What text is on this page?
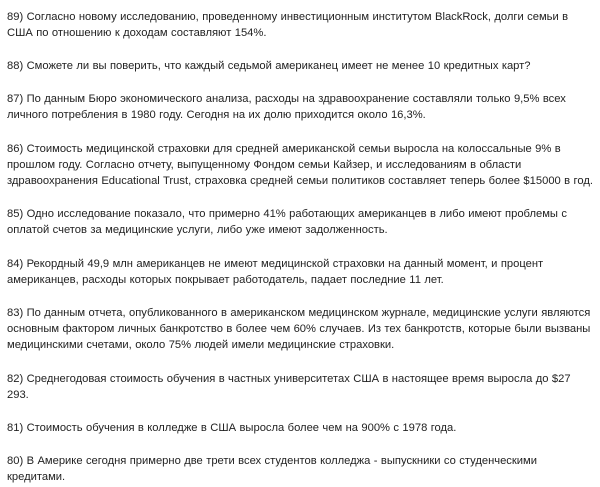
89) Согласно новому исследованию, проведенному инвестиционным институтом BlackRock, долги семьи в США по отношению к доходам составляют 154%.

88) Сможете ли вы поверить, что каждый седьмой американец имеет не менее 10 кредитных карт?

87) По данным Бюро экономического анализа, расходы на здравоохранение составляли только 9,5% всех личного потребления в 1980 году. Сегодня на их долю приходится около 16,3%.

86) Стоимость медицинской страховки для средней американской семьи выросла на колоссальные 9% в прошлом году. Согласно отчету, выпущенному Фондом семьи Кайзер, и исследованиям в области здравоохранения Educational Trust, страховка средней семьи политиков составляет теперь более $15000 в год.

85) Одно исследование показало, что примерно 41% работающих американцев в либо имеют проблемы с оплатой счетов за медицинские услуги, либо уже имеют задолженность.

84) Рекордный 49,9 млн американцев не имеют медицинской страховки на данный момент, и процент американцев, расходы которых покрывает работодатель, падает последние 11 лет.

83) По данным отчета, опубликованного в американском медицинском журнале, медицинские услуги являются основным фактором личных банкротство в более чем 60% случаев. Из тех банкротств, которые были вызваны медицинскими счетами, около 75% людей имели медицинские страховки.

82) Среднегодовая стоимость обучения в частных университетах США в настоящее время выросла до $27 293.

81) Стоимость обучения в колледже в США выросла более чем на 900% с 1978 года.

80) В Америке сегодня примерно две трети всех студентов колледжа - выпускники со студенческими кредитами.
